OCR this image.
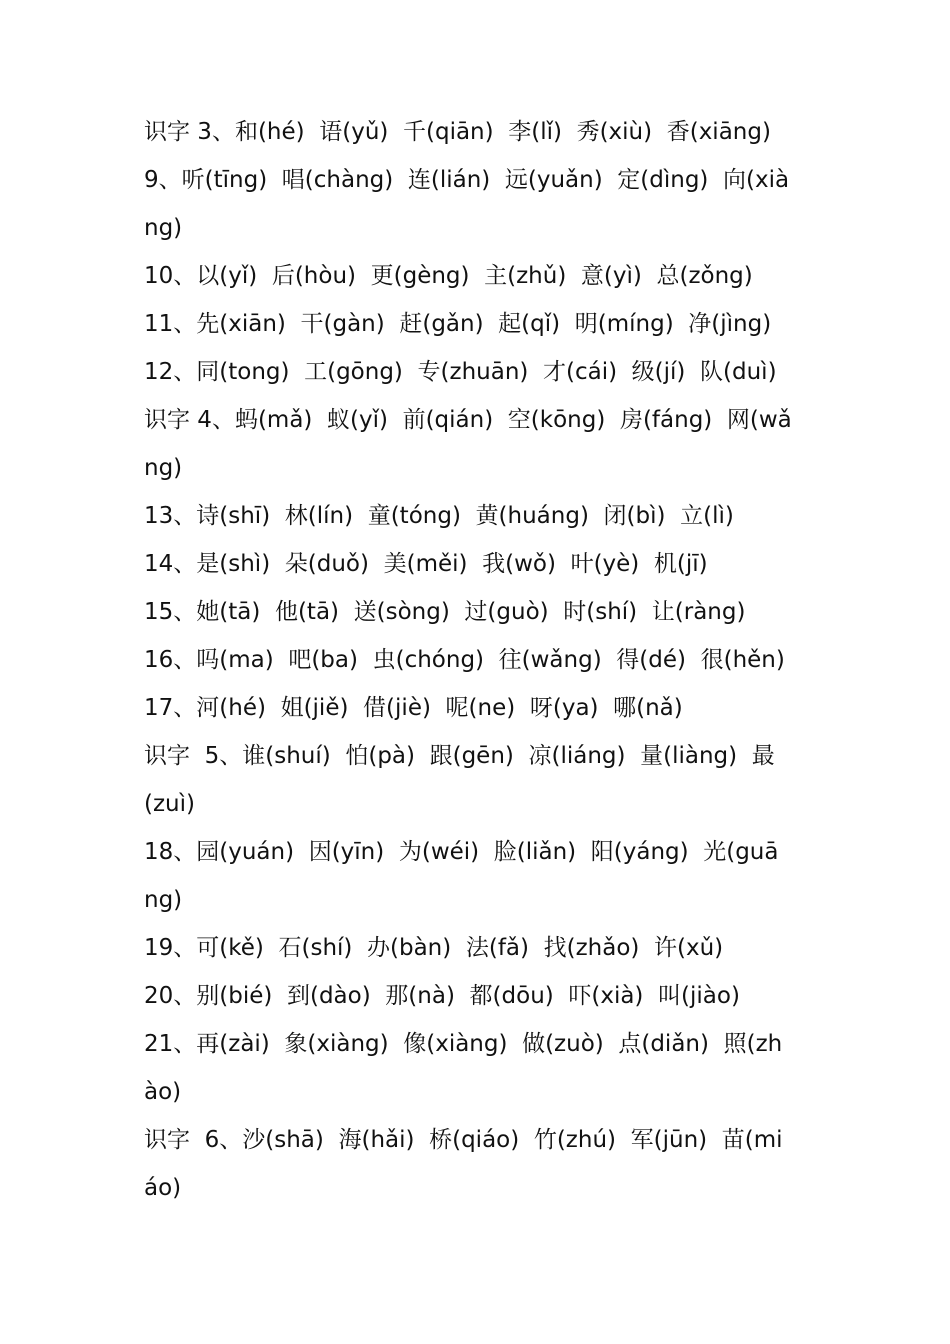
识字 3、和(hé)  语(yǔ)  千(qiān)  李(lǐ)  秀(xiù)  香(xiāng)
9、听(tīng)  唱(chàng)  连(lián)  远(yuǎn)  定(dìng)  向(xià
ng)
10、以(yǐ)  后(hòu)  更(gèng)  主(zhǔ)  意(yì)  总(zǒng)
11、先(xiān)  干(gàn)  赶(gǎn)  起(qǐ)  明(míng)  净(jìng)
12、同(tong)  工(gōng)  专(zhuān)  才(cái)  级(jí)  队(duì)
识字 4、蚂(mǎ)  蚁(yǐ)  前(qián)  空(kōng)  房(fáng)  网(wǎ
ng)
13、诗(shī)  林(lín)  童(tóng)  黄(huáng)  闭(bì)  立(lì)
14、是(shì)  朵(duǒ)  美(měi)  我(wǒ)  叶(yè)  机(jī)
15、她(tā)  他(tā)  送(sòng)  过(guò)  时(shí)  让(ràng)
16、吗(ma)  吧(ba)  虫(chóng)  往(wǎng)  得(dé)  很(hěn)
17、河(hé)  姐(jiě)  借(jiè)  呢(ne)  呀(ya)  哪(nǎ)
识字  5、谁(shuí)  怕(pà)  跟(gēn)  凉(liáng)  量(liàng)  最
(zuì)
18、园(yuán)  因(yīn)  为(wéi)  脸(liǎn)  阳(yáng)  光(guā
ng)
19、可(kě)  石(shí)  办(bàn)  法(fǎ)  找(zhǎo)  许(xǔ)
20、别(bié)  到(dào)  那(nà)  都(dōu)  吓(xià)  叫(jiào)
21、再(zài)  象(xiàng)  像(xiàng)  做(zuò)  点(diǎn)  照(zh
ào)
识字  6、沙(shā)  海(hǎi)  桥(qiáo)  竹(zhú)  军(jūn)  苗(mi
áo)
